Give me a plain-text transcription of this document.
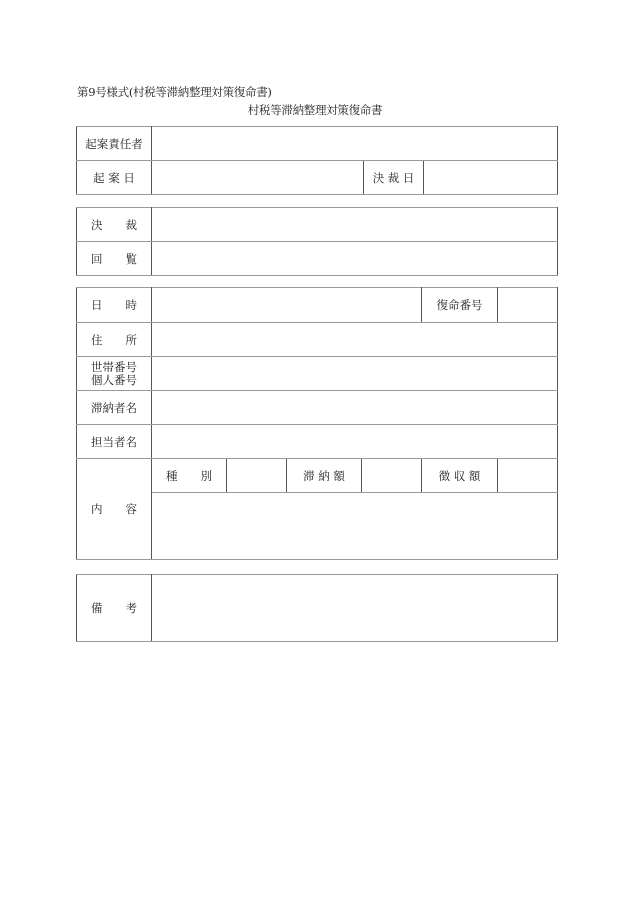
第9号様式(村税等滞納整理対策復命書)
村税等滞納整理対策復命書
起案責任者			
起 案 日		決 裁 日	
決　　裁	
回　　覧	
日　　時					復命番号	
住　　所						
世帯番号
個人番号						
滞納者名						
担当者名						
内　　容	種　　別		滞 納 額		徴 収 額	

備　　考	
